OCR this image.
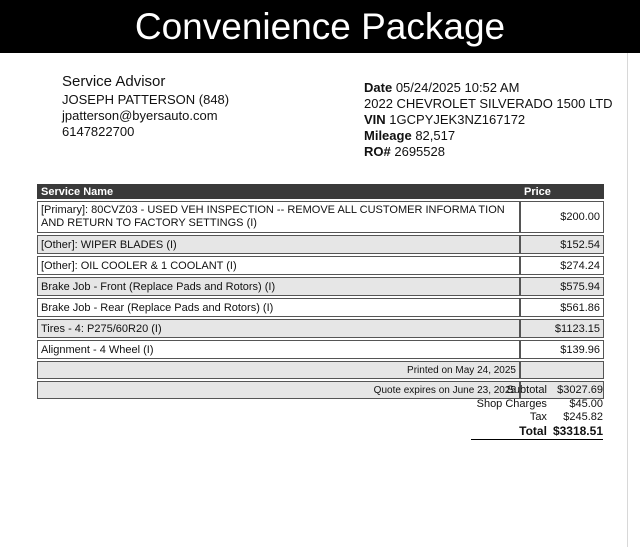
Convenience Package
Service Advisor
JOSEPH PATTERSON (848)
jpatterson@byersauto.com
6147822700
Date 05/24/2025 10:52 AM
2022 CHEVROLET SILVERADO 1500 LTD
VIN 1GCPYJEK3NZ167172
Mileage 82,517
RO# 2695528
Service Name	Price
[Primary]: 80CVZ03 - USED VEH INSPECTION -- REMOVE ALL CUSTOMER INFORMA TION AND RETURN TO FACTORY SETTINGS (I)	$200.00
[Other]: WIPER BLADES (I)	$152.54
[Other]: OIL COOLER & 1 COOLANT (I)	$274.24
Brake Job - Front (Replace Pads and Rotors) (I)	$575.94
Brake Job - Rear (Replace Pads and Rotors) (I)	$561.86
Tires - 4: P275/60R20 (I)	$1123.15
Alignment - 4 Wheel (I)	$139.96
Printed on May 24, 2025	
Quote expires on June 23, 2025	
Subtotal	$3027.69
Shop Charges	$45.00
Tax	$245.82
Total	$3318.51
